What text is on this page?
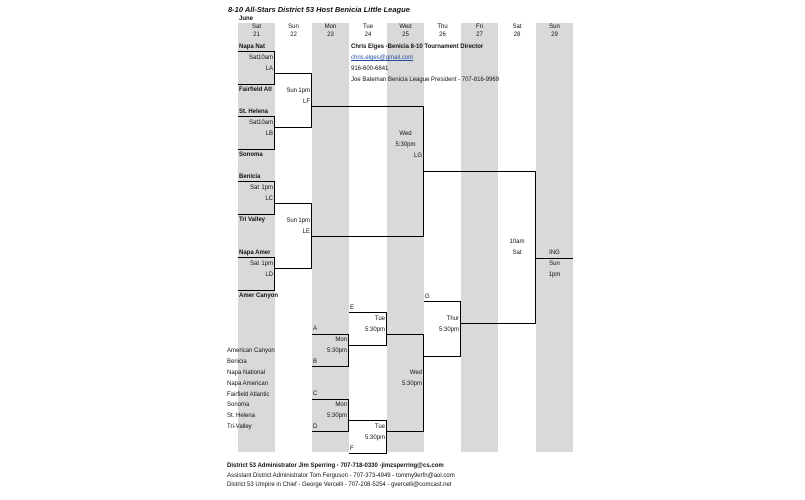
8-10 All-Stars District 53 Host Benicia Little League
June
Sat
21
Sun
22
Mon
23
Tue
24
Wed
25
Thu
26
Fri
27
Sat
28
Sun
29
Napa Nat
Fairfield Atl
St. Helena
Sonoma
Benicia
Tri Valley
Napa Amer
Amer Canyon
Sat 10am
LA
Sat 10am
LB
Sat 1pm
LC
Sat 1pm
LD
Sun 1pm
LF
Sun 1pm
LE
Wed
5:30pm
LG
10am
Sat	ING
Sun
1pm
Chris Elges -Benicia 8-10 Tournament Director
chris.elges@gmail.com
916-600-6841
Joe Bateman Benicia League President - 707-816-9969
A
Mon
5:30pm
B
C
Mon
5:30pm
D
E
Tue
5:30pm
Tue
5:30pm
F
Wed
5:30pm
G
Thur
5:30pm
American Canyon
Benicia
Napa National
Napa American
Fairfield Atlantic
Sonoma
St. Helena
Tri-Valley
District 53 Administrator Jim Sperring - 707-718-0330 -jimzsperring@cs.com
Assistant District Administrator Tom Ferguson - 707-373-4949 - tommy9erfn@aol.com
District 53 Umpire in Chief - George Vercelli - 707-208-5254 - gvercelli@comcast.net
